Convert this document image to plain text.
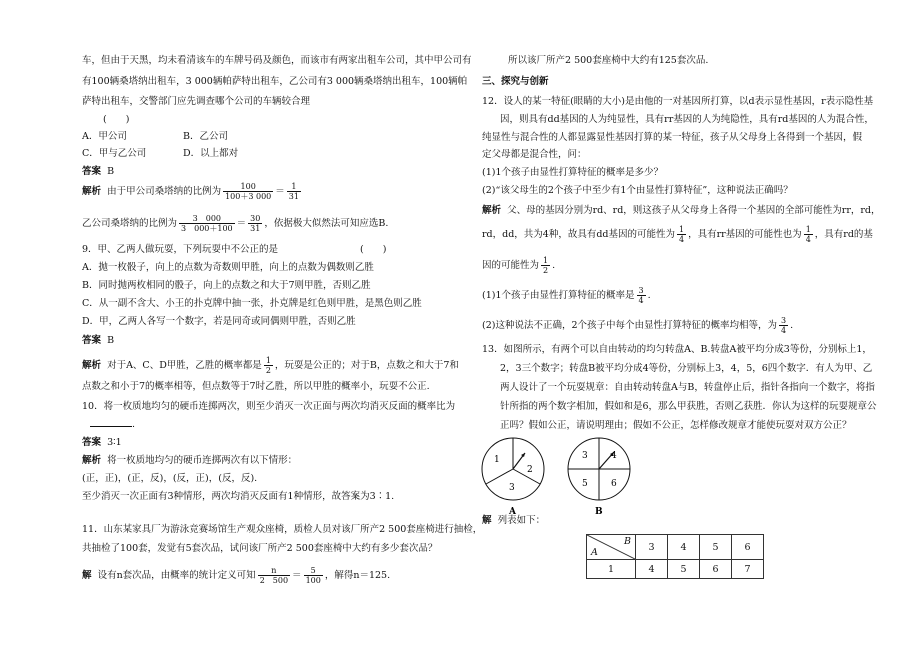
车，但由于天黑，均未看清该车的车牌号码及颜色，而该市有两家出租车公司，其中甲公司有
有100辆桑塔纳出租车，3 000辆帕萨特出租车，乙公司有3 000辆桑塔纳出租车，100辆帕
萨特出租车，交警部门应先调查哪个公司的车辆较合理
(　　)
A．甲公司	B．乙公司
C．甲与乙公司	D．以上都对
答案 B
解析 由于甲公司桑塔纳的比例为 $\frac{100}{100+3 000} = \frac{1}{31}$
乙公司桑塔纳的比例为 $\frac{3 000}{3 000+100} = \frac{30}{31}$ ，依据极大似然法可知应选B.
9．甲、乙两人做玩耍，下列玩耍中不公正的是	(　　)
A．抛一枚骰子，向上的点数为奇数则甲胜，向上的点数为偶数则乙胜
B．同时抛两枚相同的骰子，向上的点数之和大于7则甲胜，否则乙胜
C．从一副不含大、小王的扑克牌中抽一张，扑克牌是红色则甲胜，是黑色则乙胜
D．甲，乙两人各写一个数字，若是同奇或同偶则甲胜，否则乙胜
答案 B
解析 对于A、C、D甲胜，乙胜的概率都是 $\frac{1}{2}$ ，玩耍是公正的；对于B，点数之和大于7和
点数之和小于7的概率相等，但点数等于7时乙胜，所以甲胜的概率小，玩耍不公正.
10．将一枚质地均匀的硬币连掷两次，则至少消灭一次正面与两次均消灭反面的概率比为
.
答案 3∶1
解析 将一枚质地均匀的硬币连掷两次有以下情形：
(正，正)，(正，反)，(反，正)，(反，反).
至少消灭一次正面有3种情形，两次均消灭反面有1种情形，故答案为3∶1.
11．山东某家具厂为游泳竞赛场馆生产观众座椅，质检人员对该厂所产2 500套座椅进行抽检，
共抽检了100套，发觉有5套次品，试问该厂所产2 500套座椅中大约有多少套次品？
解 设有n套次品，由概率的统计定义可知 $\frac{n}{2 500} = \frac{5}{100}$ ，解得n＝125.
所以该厂所产2 500套座椅中大约有125套次品.
三、探究与创新
12．设人的某一特征(眼睛的大小)是由他的一对基因所打算，以d表示显性基因，r表示隐性基
因，则具有dd基因的人为纯显性，具有rr基因的人为纯隐性，具有rd基因的人为混合性，
纯显性与混合性的人都显露显性基因打算的某一特征，孩子从父母身上各得到一个基因，假
定父母都是混合性，问：
(1)1个孩子由显性打算特征的概率是多少？
(2)“该父母生的2个孩子中至少有1个由显性打算特征”，这种说法正确吗？
解析 父、母的基因分别为rd、rd，则这孩子从父母身上各得一个基因的全部可能性为rr，rd，
rd，dd，共为4种，故具有dd基因的可能性为 $\frac{1}{4}$ ，具有rr基因的可能性也为 $\frac{1}{4}$ ，具有rd的基
因的可能性为 $\frac{1}{2}$ .
(1)1个孩子由显性打算特征的概率是 $\frac{3}{4}$ .
(2)这种说法不正确，2个孩子中每个由显性打算特征的概率均相等，为 $\frac{3}{4}$ .
13．如图所示，有两个可以自由转动的均匀转盘A、B.转盘A被平均分成3等份，分别标上1，
2，3三个数字；转盘B被平均分成4等份，分别标上3，4，5，6四个数字．有人为甲、乙
两人设计了一个玩耍规章：自由转动转盘A与B，转盘停止后，指针各指向一个数字，将指
针所指的两个数字相加，假如和是6，那么甲获胜，否则乙获胜．你认为这样的玩耍规章公
正吗？假如公正，请说明理由；假如不公正，怎样修改规章才能使玩耍对双方公正？
1
2
3
A
3	4
5	6
B
解 列表如下：
B
A	3	4	5	6
1	4	5	6	7
